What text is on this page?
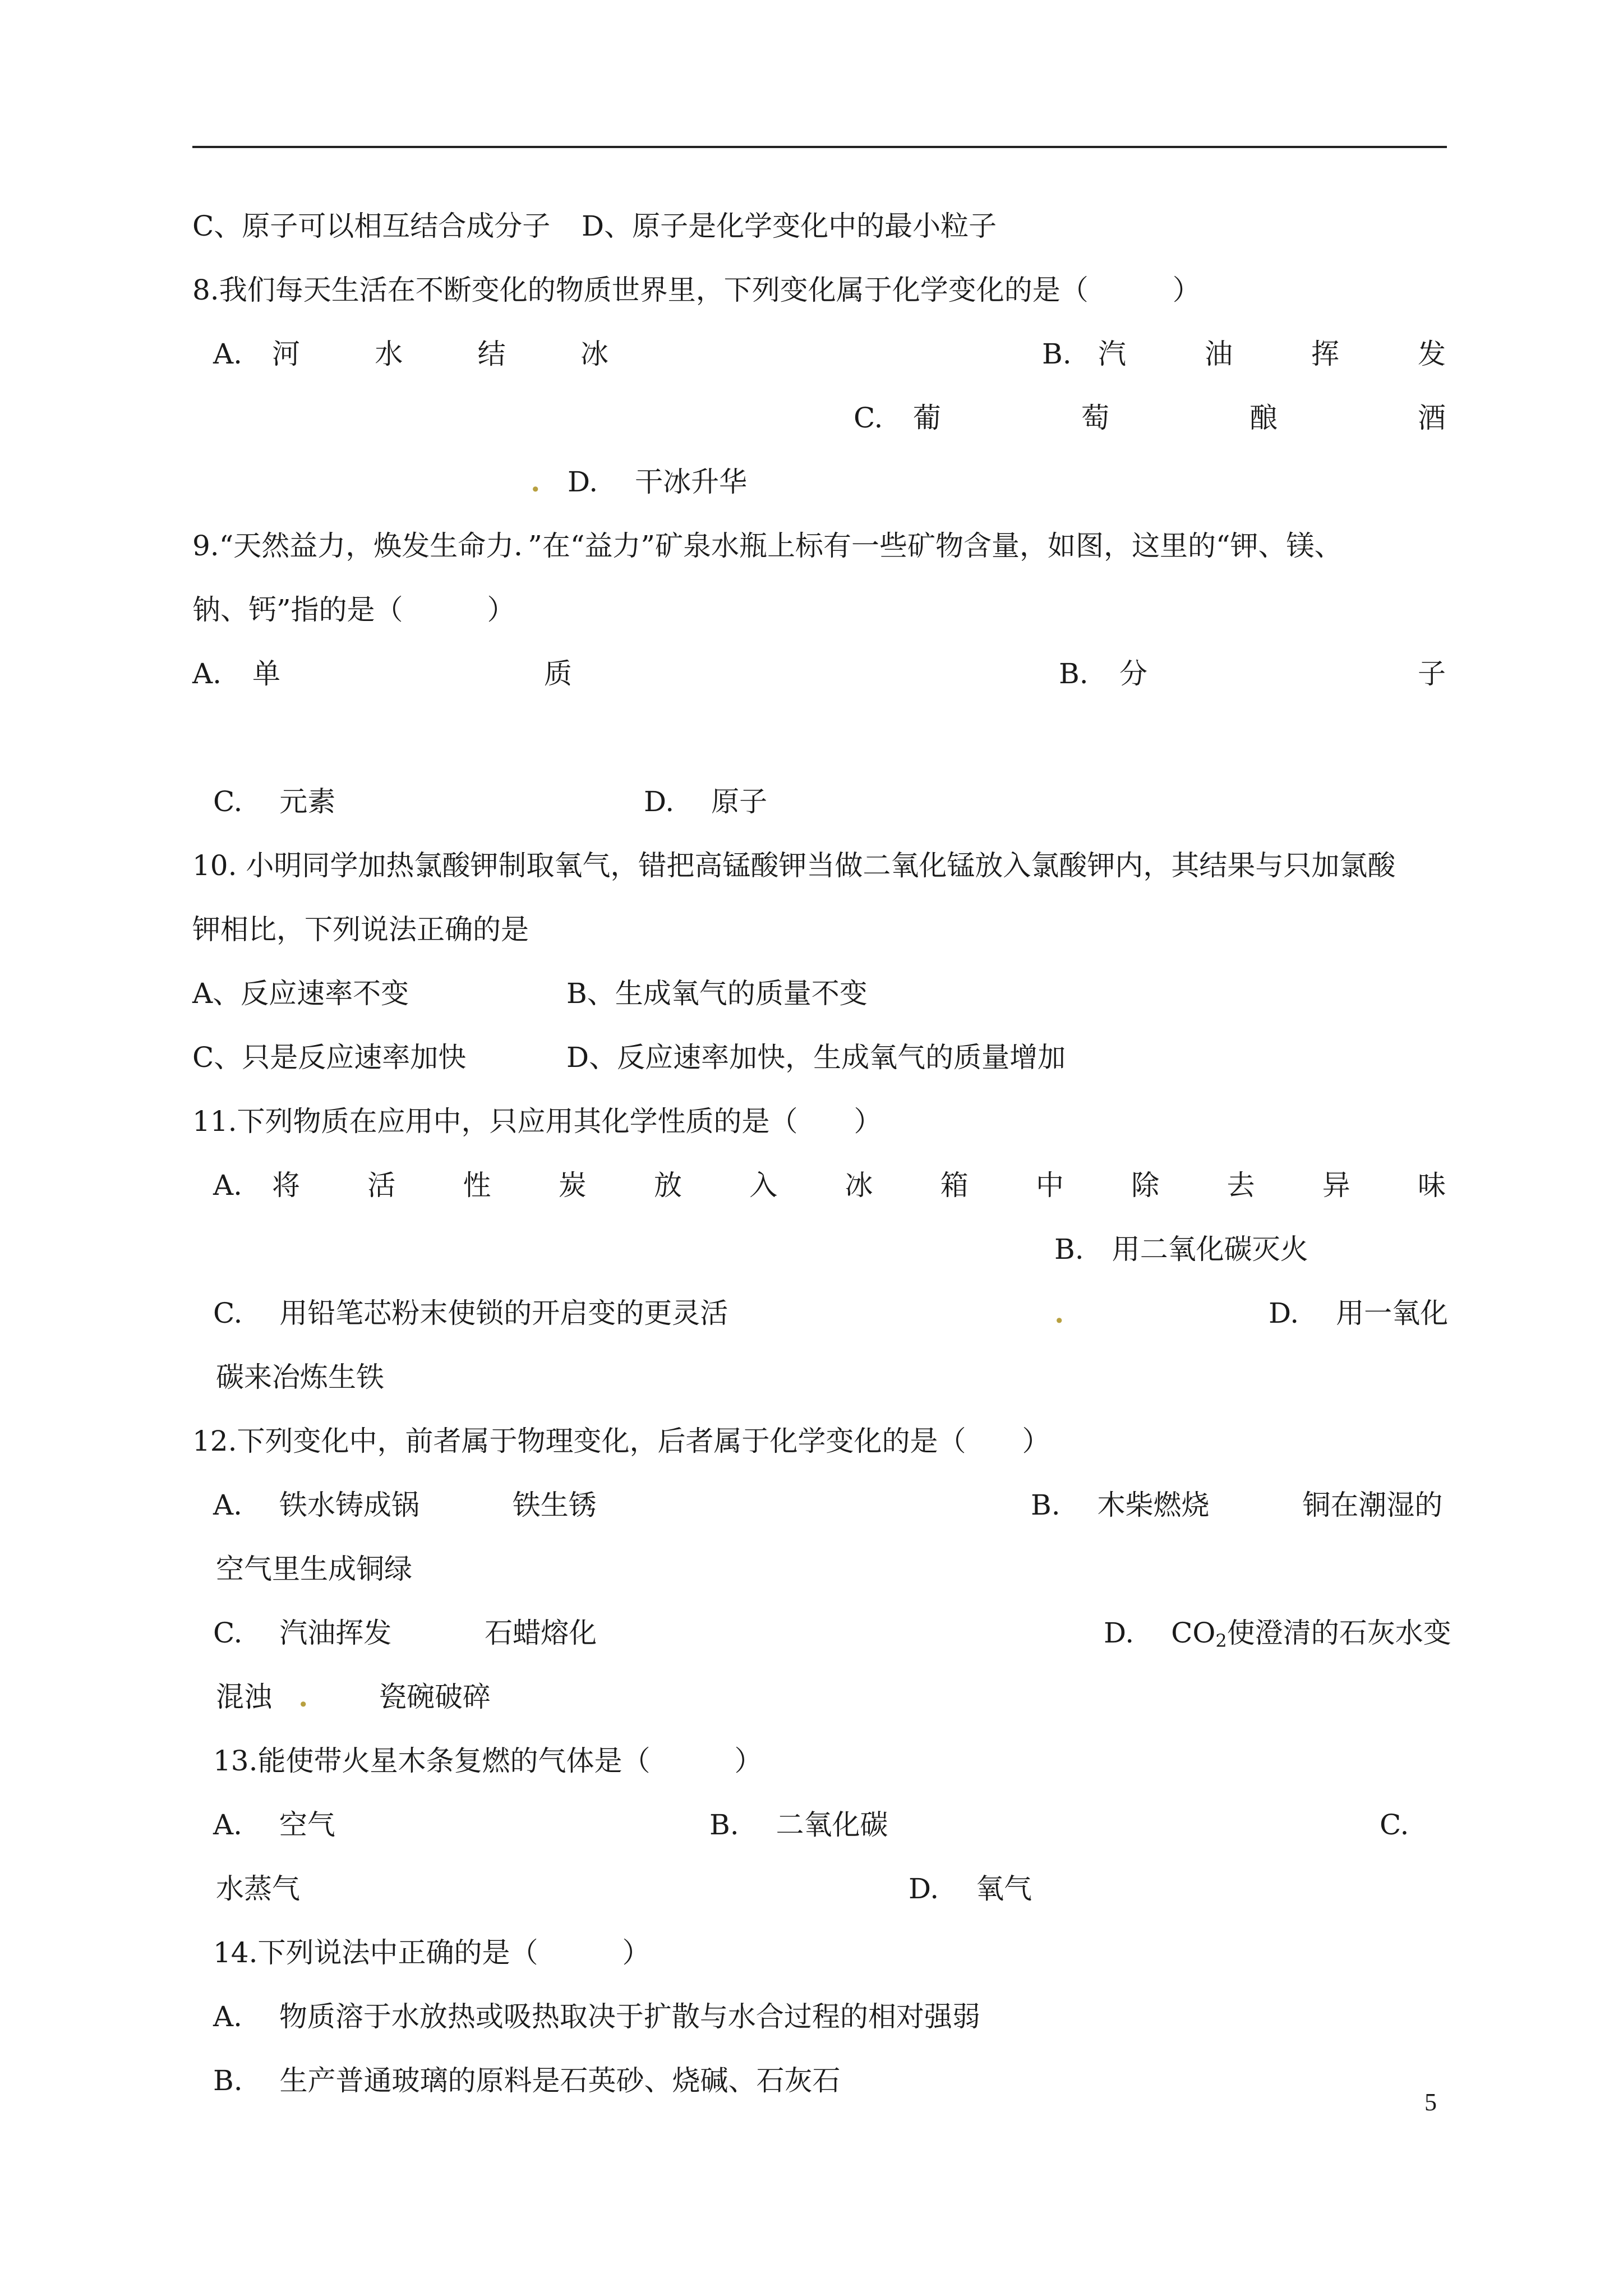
C、原子可以相互结合成分子 D、原子是化学变化中的最小粒子
8.我们每天生活在不断变化的物质世界里，下列变化属于化学变化的是（　　　）
A. 河	水	结	冰	B. 汽	油	挥	发
C. 葡	萄	酿	酒
. D.　 干冰升华
9.“天然益力，焕发生命力．”在“益力”矿泉水瓶上标有一些矿物含量，如图，这里的“钾、镁、
钠、钙”指的是（　　　）
A. 单	质	B. 分	子
C.　 元素	D.　 原子
10. 小明同学加热氯酸钾制取氧气，错把高锰酸钾当做二氧化锰放入氯酸钾内，其结果与只加氯酸
钾相比，下列说法正确的是
A、反应速率不变	B、生成氧气的质量不变
C、只是反应速率加快	D、反应速率加快，生成氧气的质量增加
11.下列物质在应用中，只应用其化学性质的是（　　）
A. 将 活 性 炭 放 入 冰 箱 中 除 去 异 味
B.　用二氧化碳灭火
C.　 用铅笔芯粉末使锁的开启变的更灵活	.	D.　 用一氧化
碳来冶炼生铁
12.下列变化中，前者属于物理变化，后者属于化学变化的是（　　）
A.　 铁水铸成锅　　　 铁生锈	B.　 木柴燃烧　　　 铜在潮湿的
空气里生成铜绿
C.　 汽油挥发　　　 石蜡熔化	D.　 $CO_2$使澄清的石灰水变
混浊 .	瓷碗破碎
13.能使带火星木条复燃的气体是（　　　）
A.　 空气	B.　 二氧化碳	C.
水蒸气	D.　 氧气
14.下列说法中正确的是（　　　）
A.　 物质溶于水放热或吸热取决于扩散与水合过程的相对强弱
B.　 生产普通玻璃的原料是石英砂、烧碱、石灰石
5
